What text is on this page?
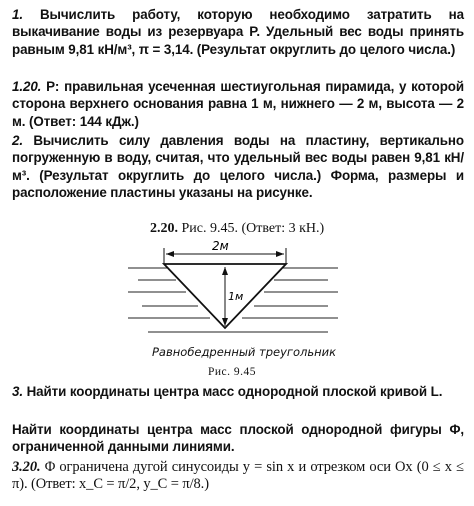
1. Вычислить работу, которую необходимо затратить на выкачивание воды из резервуара P. Удельный вес воды принять равным 9,81 кН/м³, π = 3,14. (Результат округлить до целого числа.)
1.20. P: правильная усеченная шестиугольная пирамида, у которой сторона верхнего основания равна 1 м, нижнего — 2 м, высота — 2 м. (Ответ: 144 кДж.)
2. Вычислить силу давления воды на пластину, вертикально погруженную в воду, считая, что удельный вес воды равен 9,81 кН/м³. (Результат округлить до целого числа.) Форма, размеры и расположение пластины указаны на рисунке.
2.20. Рис. 9.45. (Ответ: 3 кН.)
2м
1м
Равнобедренный треугольник
Рис. 9.45
3. Найти координаты центра масс однородной плоской кривой L.
Найти координаты центра масс плоской однородной фигуры Φ, ограниченной данными линиями.
3.20. Φ ограничена дугой синусоиды y = sin x и отрезком оси Ox (0 ≤ x ≤ π). (Ответ: x_C = π/2, y_C = π/8.)
